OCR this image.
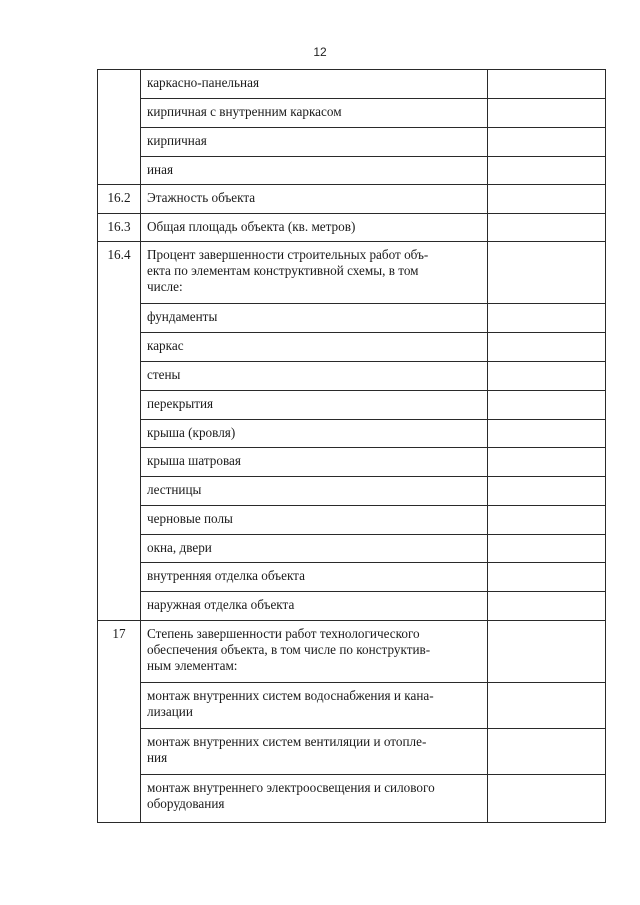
12

	каркасно-панельная	

	кирпичная с внутренним каркасом	

	кирпичная	

	иная	

16.2	Этажность объекта	

16.3	Общая площадь объекта (кв. метров)	

16.4	Процент завершенности строительных работ объ-
екта по элементам конструктивной схемы, в том
числе:	

	фундаменты	

	каркас	

	стены	

	перекрытия	

	крыша (кровля)	

	крыша шатровая	

	лестницы	

	черновые полы	

	окна, двери	

	внутренняя отделка объекта	

	наружная отделка объекта	

17	Степень завершенности работ технологического
обеспечения объекта, в том числе по конструктив-
ным элементам:	

	монтаж внутренних систем водоснабжения и кана-
лизации	

	монтаж внутренних систем вентиляции и отопле-
ния	

	монтаж внутреннего электроосвещения и силового
оборудования	
